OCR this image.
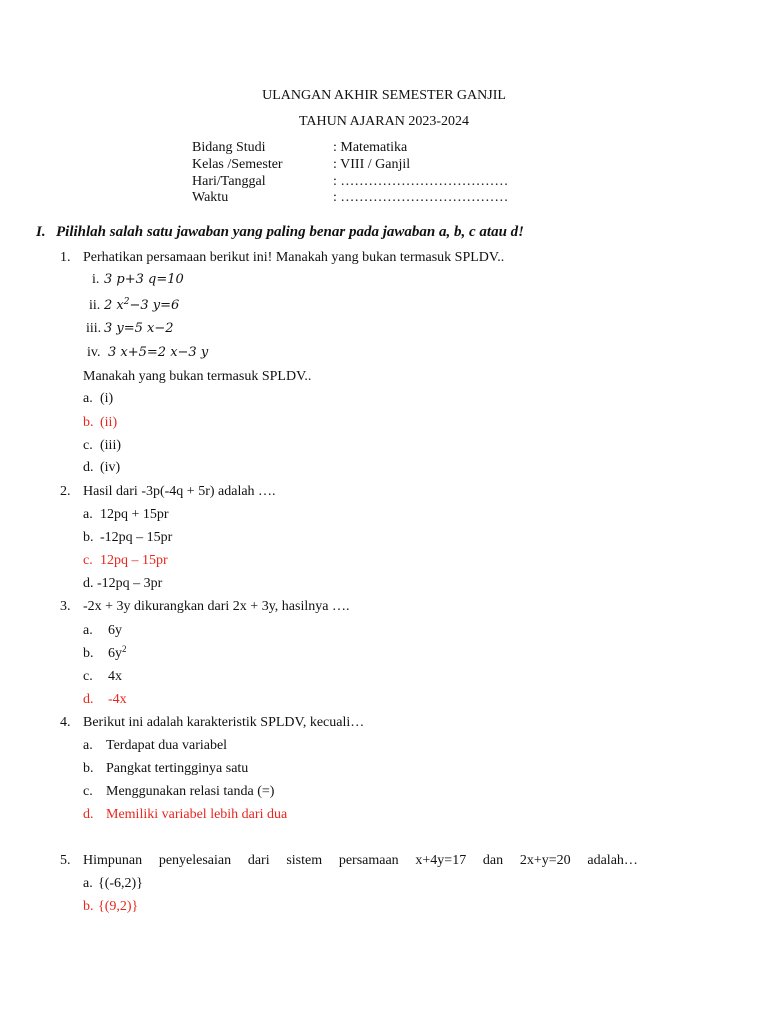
ULANGAN AKHIR SEMESTER GANJIL
TAHUN AJARAN 2023-2024
Bidang Studi	: Matematika
Kelas /Semester	: VIII / Ganjil
Hari/Tanggal	: ………………………………
Waktu	: ………………………………
I. Pilihlah salah satu jawaban yang paling benar pada jawaban a, b, c atau d!
1. Perhatikan persamaan berikut ini! Manakah yang bukan termasuk SPLDV..
i. 3 p+3 q=10
ii. 2 $x^2-3$ y=6
iii. 3 y=5 x−2
iv. 3 x+5=2 x−3 y
Manakah yang bukan termasuk SPLDV..
a. (i)
b. (ii)
c. (iii)
d. (iv)
2. Hasil dari -3p(-4q + 5r) adalah ….
a. 12pq + 15pr
b. -12pq – 15pr
c. 12pq – 15pr
d. -12pq – 3pr
3. -2x + 3y dikurangkan dari 2x + 3y, hasilnya ….
a. 6y
b. $6y^2$
c. 4x
d. -4x
4. Berikut ini adalah karakteristik SPLDV, kecuali…
a. Terdapat dua variabel
b. Pangkat tertingginya satu
c. Menggunakan relasi tanda (=)
d. Memiliki variabel lebih dari dua
5. Himpunan penyelesaian dari sistem persamaan x+4y=17 dan 2x+y=20 adalah…
a. {(-6,2)}
b. {(9,2)}
